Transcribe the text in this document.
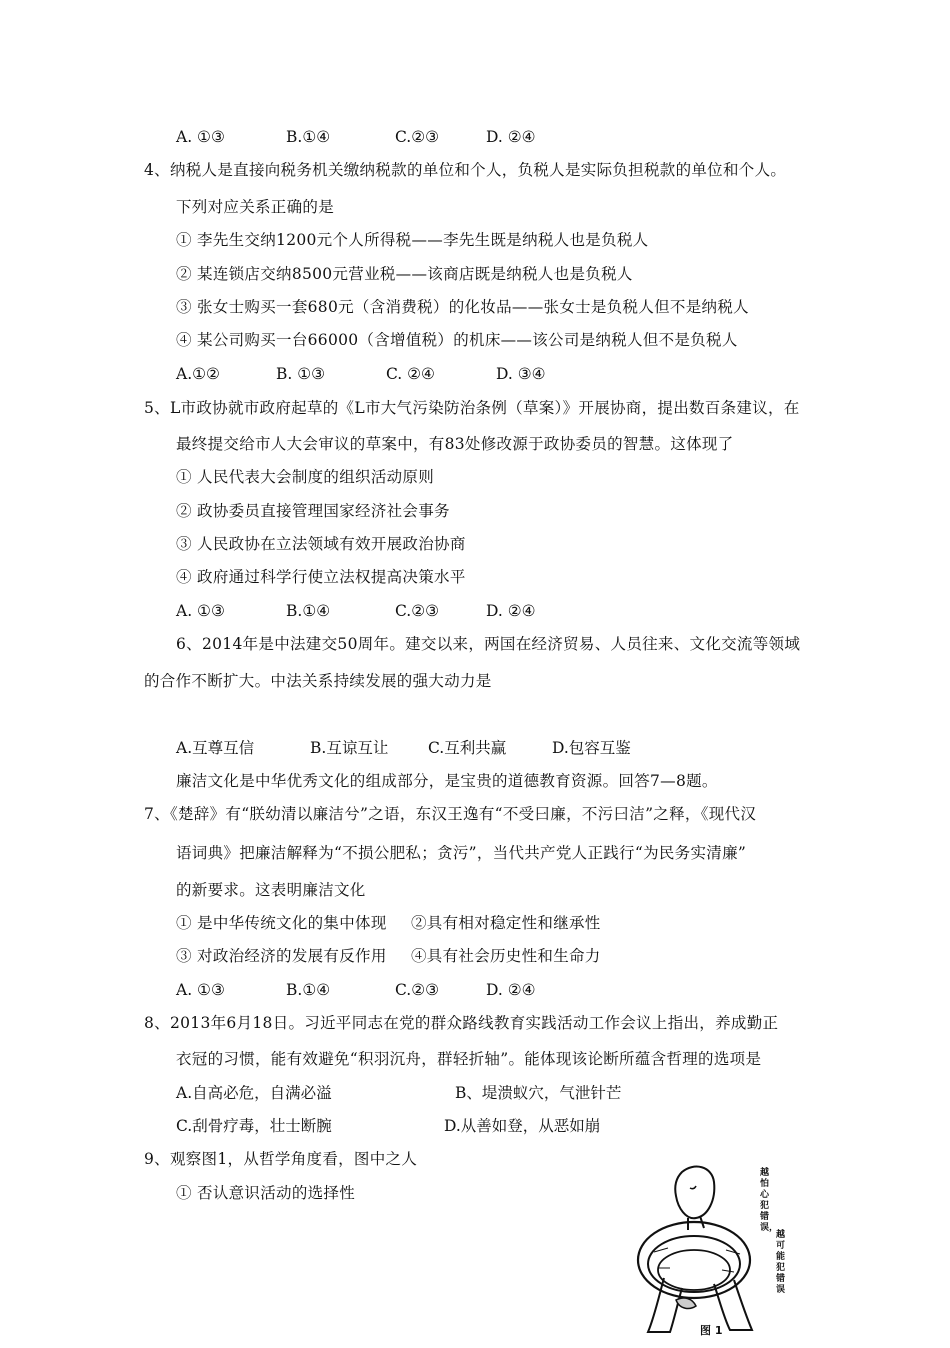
A. ①③	B.①④	C.②③	D. ②④
4、纳税人是直接向税务机关缴纳税款的单位和个人，负税人是实际负担税款的单位和个人。
下列对应关系正确的是
① 李先生交纳1200元个人所得税——李先生既是纳税人也是负税人
② 某连锁店交纳8500元营业税——该商店既是纳税人也是负税人
③ 张女士购买一套680元（含消费税）的化妆品——张女士是负税人但不是纳税人
④ 某公司购买一台66000（含增值税）的机床——该公司是纳税人但不是负税人
A.①②	B. ①③	C. ②④	D. ③④
5、L市政协就市政府起草的《L市大气污染防治条例（草案）》开展协商，提出数百条建议，在
最终提交给市人大会审议的草案中，有83处修改源于政协委员的智慧。这体现了
① 人民代表大会制度的组织活动原则
② 政协委员直接管理国家经济社会事务
③ 人民政协在立法领域有效开展政治协商
④ 政府通过科学行使立法权提高决策水平
A. ①③	B.①④	C.②③	D. ②④
6、2014年是中法建交50周年。建交以来，两国在经济贸易、人员往来、文化交流等领域
的合作不断扩大。中法关系持续发展的强大动力是
A.互尊互信	B.互谅互让	C.互利共赢	D.包容互鉴
廉洁文化是中华优秀文化的组成部分，是宝贵的道德教育资源。回答7—8题。
7、《楚辞》有“朕幼清以廉洁兮”之语，东汉王逸有“不受曰廉，不污曰洁”之释，《现代汉
语词典》把廉洁解释为“不损公肥私；贪污”，当代共产党人正践行“为民务实清廉”
的新要求。这表明廉洁文化
① 是中华传统文化的集中体现 ②具有相对稳定性和继承性
③ 对政治经济的发展有反作用 ④具有社会历史性和生命力
A. ①③	B.①④	C.②③	D. ②④
8、2013年6月18日。习近平同志在党的群众路线教育实践活动工作会议上指出，养成勤正
衣冠的习惯，能有效避免“积羽沉舟，群轻折轴”。能体现该论断所蕴含哲理的选项是
A.自高必危，自满必溢	B、堤溃蚁穴，气泄针芒
C.刮骨疗毒，壮士断腕	D.从善如登，从恶如崩
9、观察图1，从哲学角度看，图中之人
① 否认意识活动的选择性
越怕心犯错误，
越可能犯错误
图 1
